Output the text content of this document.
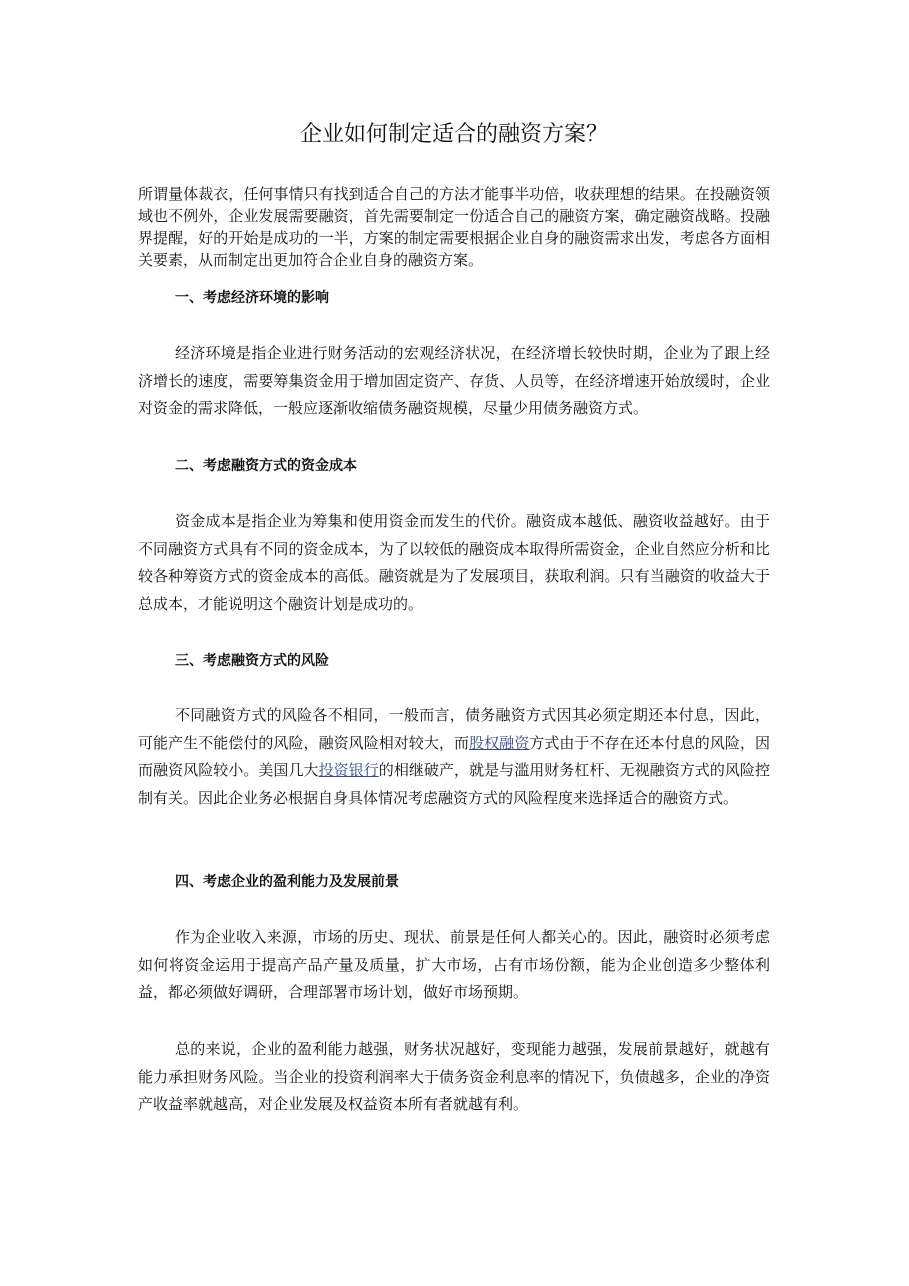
企业如何制定适合的融资方案？

所谓量体裁衣，任何事情只有找到适合自己的方法才能事半功倍，收获理想的结果。在投融资领域也不例外，企业发展需要融资，首先需要制定一份适合自己的融资方案，确定融资战略。投融界提醒，好的开始是成功的一半，方案的制定需要根据企业自身的融资需求出发，考虑各方面相关要素，从而制定出更加符合企业自身的融资方案。

一、考虑经济环境的影响

经济环境是指企业进行财务活动的宏观经济状况，在经济增长较快时期，企业为了跟上经济增长的速度，需要筹集资金用于增加固定资产、存货、人员等，在经济增速开始放缓时，企业对资金的需求降低，一般应逐渐收缩债务融资规模，尽量少用债务融资方式。

二、考虑融资方式的资金成本

资金成本是指企业为筹集和使用资金而发生的代价。融资成本越低、融资收益越好。由于不同融资方式具有不同的资金成本，为了以较低的融资成本取得所需资金，企业自然应分析和比较各种筹资方式的资金成本的高低。融资就是为了发展项目，获取利润。只有当融资的收益大于总成本，才能说明这个融资计划是成功的。

三、考虑融资方式的风险

不同融资方式的风险各不相同，一般而言，债务融资方式因其必须定期还本付息，因此，可能产生不能偿付的风险，融资风险相对较大，而股权融资方式由于不存在还本付息的风险，因而融资风险较小。美国几大投资银行的相继破产，就是与滥用财务杠杆、无视融资方式的风险控制有关。因此企业务必根据自身具体情况考虑融资方式的风险程度来选择适合的融资方式。

四、考虑企业的盈利能力及发展前景

作为企业收入来源，市场的历史、现状、前景是任何人都关心的。因此，融资时必须考虑如何将资金运用于提高产品产量及质量，扩大市场，占有市场份额，能为企业创造多少整体利益，都必须做好调研，合理部署市场计划，做好市场预期。

总的来说，企业的盈利能力越强，财务状况越好，变现能力越强，发展前景越好，就越有能力承担财务风险。当企业的投资利润率大于债务资金利息率的情况下，负债越多，企业的净资产收益率就越高，对企业发展及权益资本所有者就越有利。
